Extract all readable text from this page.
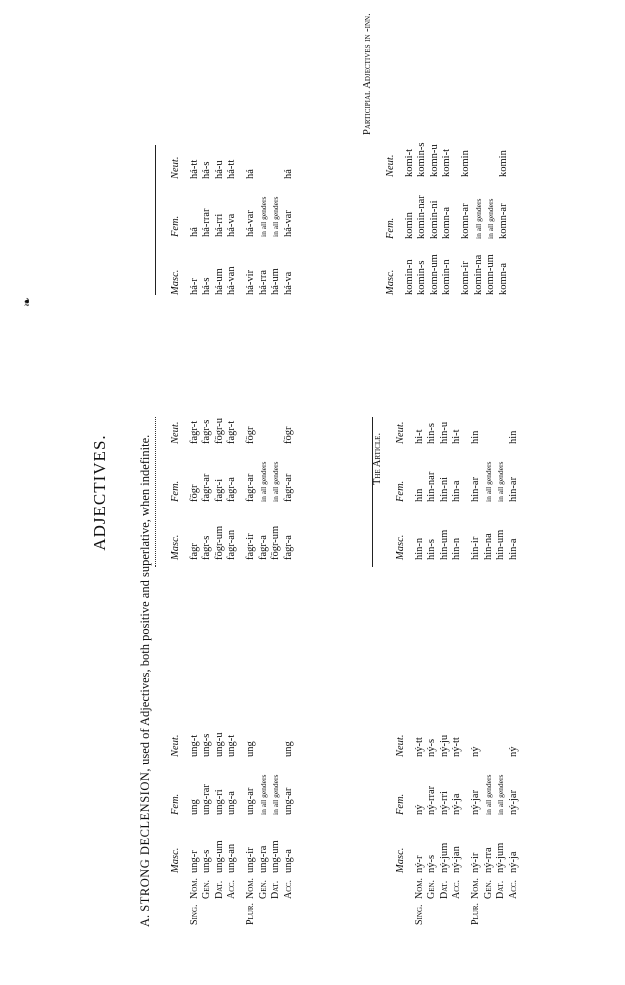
ADJECTIVES.
A. STRONG DECLENSION, used of Adjectives, both positive and superlative, when indefinite.
❧
The Article.
Participial Adjectives in -inn.
		Masc.	Fem.	Neut.

Sing.	Nom.	ung-r	ung	ung-t
	Gen.	ung-s	ung-rar	ung-s
	Dat.	ung-um	ung-ri	ung-u
	Acc.	ung-an	ung-a	ung-t

Plur.	Nom.	ung-ir	ung-ar	ung
	Gen.	ung-ra	in all genders	
	Dat.	ung-um	in all genders	
	Acc.	ung-a	ung-ar	ung
Masc.	Fem.	Neut.

fagr	fögr	fagr-t
fagr-s	fagr-ar	fagr-s
fögr-um	fagr-i	fögr-u
fagr-an	fagr-a	fagr-t

fagr-ir	fagr-ar	fögr
fagr-a	in all genders	
fögr-um	in all genders	
fagr-a	fagr-ar	fögr
Masc.	Fem.	Neut.

há-r	há	há-tt
há-s	há-rrar	há-s
há-um	há-rri	há-u
há-van	há-va	há-tt

há-vir	há-var	há
há-rra	in all genders	
há-um	in all genders	
há-va	há-var	há
		Masc.	Fem.	Neut.

Sing.	Nom.	ný-r	ný	ný-tt
	Gen.	ný-s	ný-rrar	ný-s
	Dat.	ný-jum	ný-rri	ný-ju
	Acc.	ný-jan	ný-ja	ný-tt

Plur.	Nom.	ný-ir	ný-jar	ný
	Gen.	ný-rra	in all genders	
	Dat.	ný-jum	in all genders	
	Acc.	ný-ja	ný-jar	ný
Masc.	Fem.	Neut.

hin-n	hin	hi-t
hin-s	hin-nar	hin-s
hin-um	hin-ni	hin-u
hin-n	hin-a	hi-t

hin-ir	hin-ar	hin
hin-na	in all genders	
hin-um	in all genders	
hin-a	hin-ar	hin
Masc.	Fem.	Neut.

komin-n	komin	komi-t
komin-s	komin-nar	komin-s
komn-um	komin-ni	komn-u
komin-n	komn-a	komi-t

komn-ir	komn-ar	komin
komin-na	in all genders	
komn-um	in all genders	
komn-a	komn-ar	komin
